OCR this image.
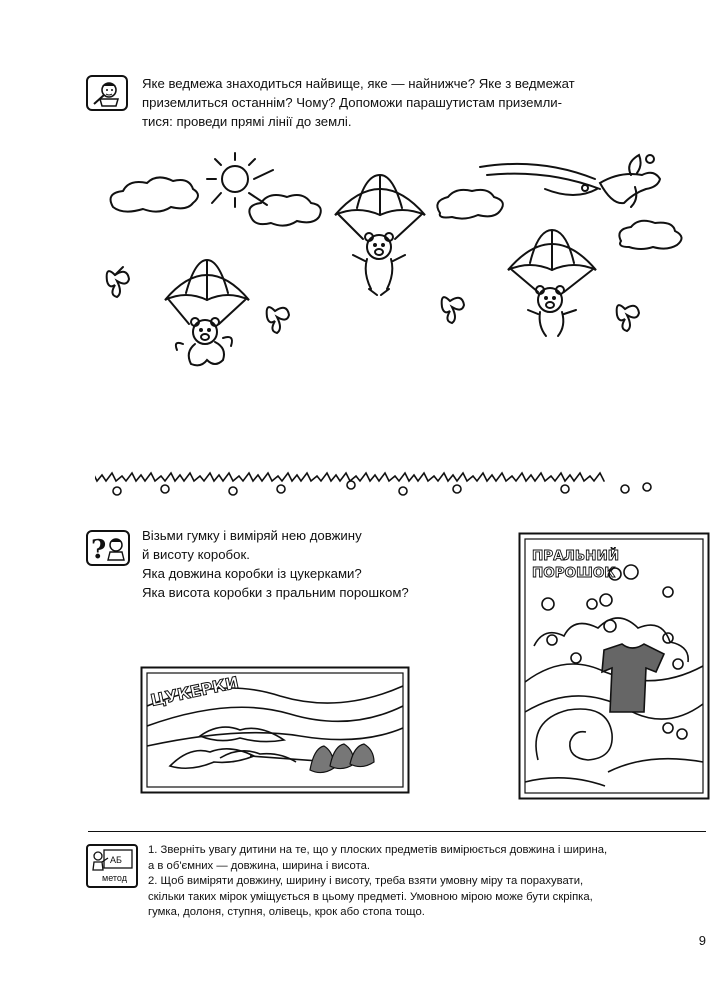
Яке ведмежа знаходиться найвище, яке — найнижче? Яке з ведмежат

приземлиться останнім? Чому? Допоможи парашутистам приземли-

тися: проведи прямі лінії до землі.

?	Візьми гумку і виміряй нею довжину

й висоту коробок.

Яка довжина коробки із цукерками?

Яка висота коробки з пральним порошком?

ЦУКЕРКИ
ПРАЛЬНИЙ
ПОРОШОК
АБ
метод

1. Зверніть увагу дитини на те, що у плоских предметів вимірюється довжина і ширина,

а в об'ємних — довжина, ширина і висота.

2. Щоб виміряти довжину, ширину і висоту, треба взяти умовну міру та порахувати,

скільки таких мірок уміщується в цьому предметі. Умовною мірою може бути скріпка,

гумка, долоня, ступня, олівець, крок або стопа тощо.

9
